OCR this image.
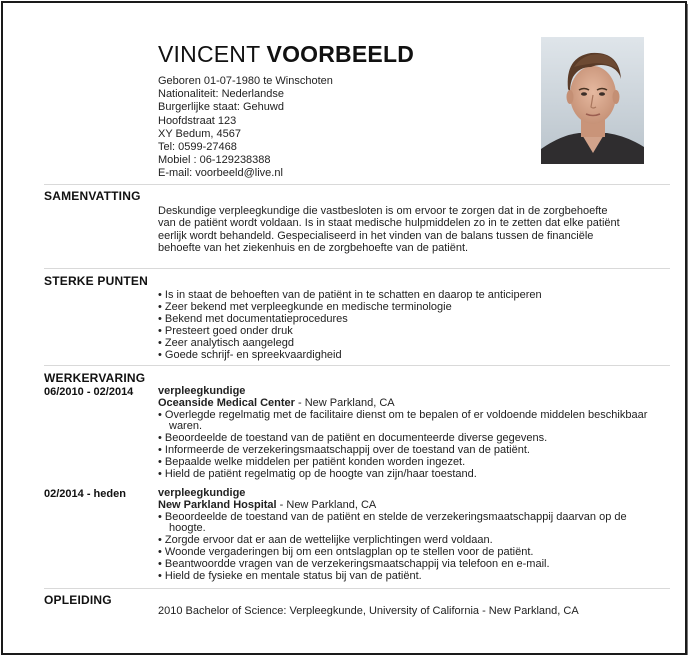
VINCENT VOORBEELD
Geboren 01-07-1980 te Winschoten
Nationaliteit: Nederlandse
Burgerlijke staat: Gehuwd
Hoofdstraat 123
XY Bedum, 4567
Tel: 0599-27468
Mobiel : 06-129238388
E-mail: voorbeeld@live.nl
SAMENVATTING
Deskundige verpleegkundige die vastbesloten is om ervoor te zorgen dat in de zorgbehoefte van de patiënt wordt voldaan. Is in staat medische hulpmiddelen zo in te zetten dat elke patiënt eerlijk wordt behandeld. Gespecialiseerd in het vinden van de balans tussen de financiële behoefte van het ziekenhuis en de zorgbehoefte van de patiënt.
STERKE PUNTEN
• Is in staat de behoeften van de patiënt in te schatten en daarop te anticiperen
• Zeer bekend met verpleegkunde en medische terminologie
• Bekend met documentatieprocedures
• Presteert goed onder druk
• Zeer analytisch aangelegd
• Goede schrijf- en spreekvaardigheid
WERKERVARING
06/2010 - 02/2014 verpleegkundige
Oceanside Medical Center - New Parkland, CA
• Overlegde regelmatig met de facilitaire dienst om te bepalen of er voldoende middelen beschikbaar waren.
• Beoordeelde de toestand van de patiënt en documenteerde diverse gegevens.
• Informeerde de verzekeringsmaatschappij over de toestand van de patiënt.
• Bepaalde welke middelen per patiënt konden worden ingezet.
• Hield de patiënt regelmatig op de hoogte van zijn/haar toestand.
02/2014 - heden	verpleegkundige
New Parkland Hospital - New Parkland, CA
• Beoordeelde de toestand van de patiënt en stelde de verzekeringsmaatschappij daarvan op de hoogte.
• Zorgde ervoor dat er aan de wettelijke verplichtingen werd voldaan.
• Woonde vergaderingen bij om een ontslagplan op te stellen voor de patiënt.
• Beantwoordde vragen van de verzekeringsmaatschappij via telefoon en e-mail.
• Hield de fysieke en mentale status bij van de patiënt.
OPLEIDING
2010 Bachelor of Science: Verpleegkunde, University of California - New Parkland, CA
